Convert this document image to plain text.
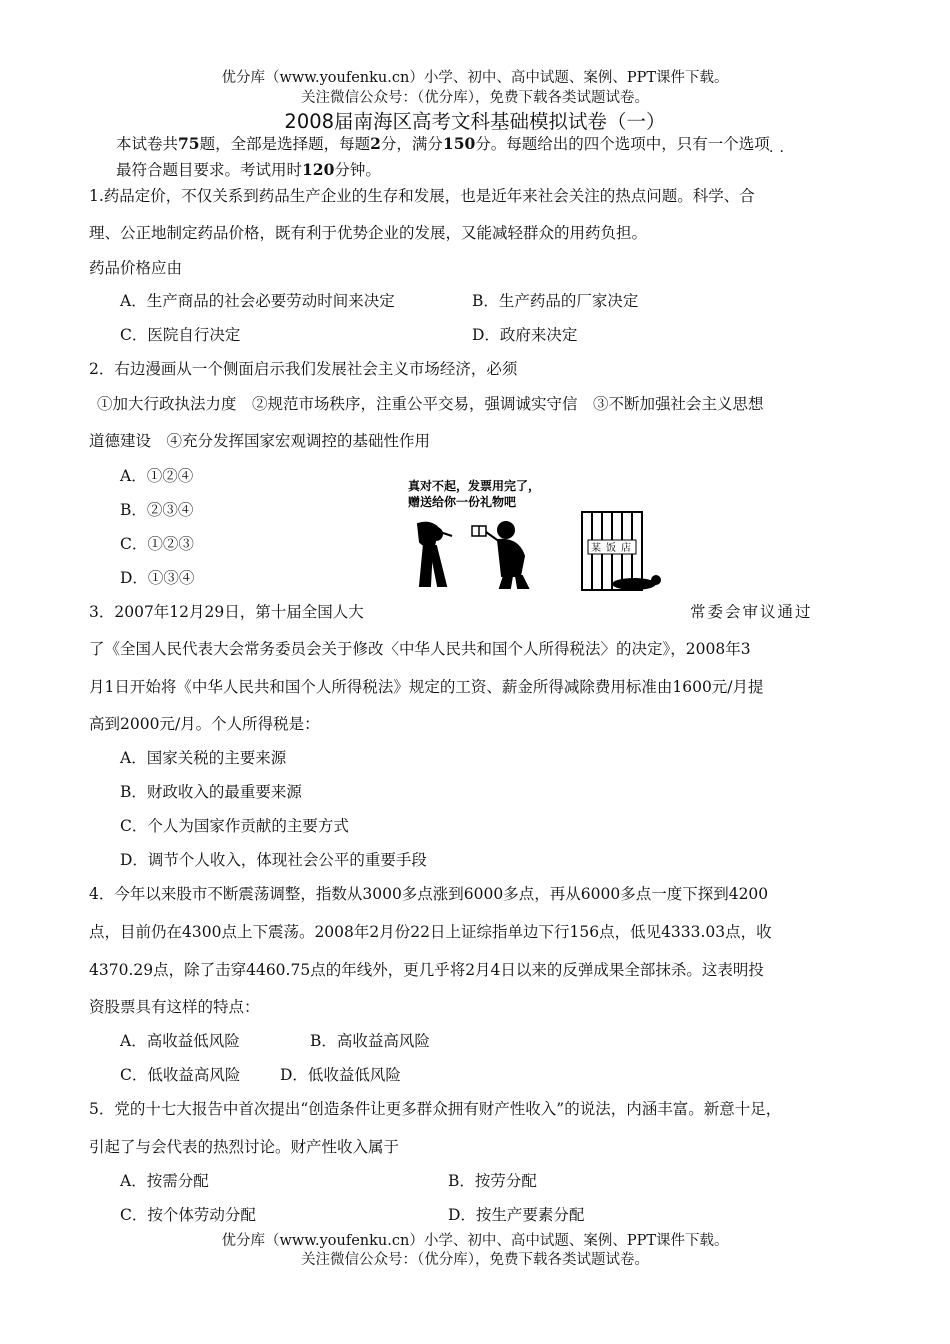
优分库（www.youfenku.cn）小学、初中、高中试题、案例、PPT课件下载。
关注微信公众号：（优分库），免费下载各类试题试卷。
2008届南海区高考文科基础模拟试卷（一）
本试卷共75题，全部是选择题，每题2分，满分150分。每题给出的四个选项中，只有一个选项 ··
最符合题目要求。考试用时120分钟。
1.药品定价，不仅关系到药品生产企业的生存和发展，也是近年来社会关注的热点问题。科学、合
理、公正地制定药品价格，既有利于优势企业的发展，又能减轻群众的用药负担。
药品价格应由
A．生产商品的社会必要劳动时间来决定	B．生产药品的厂家决定
C．医院自行决定	D．政府来决定
2．右边漫画从一个侧面启示我们发展社会主义市场经济，必须
①加大行政执法力度　②规范市场秩序，注重公平交易，强调诚实守信　③不断加强社会主义思想
道德建设　④充分发挥国家宏观调控的基础性作用
A．①②④
B．②③④
C．①②③
D．①③④
真对不起，发票用完了，
赠送给你一份礼物吧
某饭店
3．2007年12月29日，第十届全国人大	常委会审议通过
了《全国人民代表大会常务委员会关于修改〈中华人民共和国个人所得税法〉的决定》，2008年3
月1日开始将《中华人民共和国个人所得税法》规定的工资、薪金所得减除费用标准由1600元/月提
高到2000元/月。个人所得税是：
A．国家关税的主要来源
B．财政收入的最重要来源
C．个人为国家作贡献的主要方式
D．调节个人收入，体现社会公平的重要手段
4．今年以来股市不断震荡调整，指数从3000多点涨到6000多点，再从6000多点一度下探到4200
点，目前仍在4300点上下震荡。2008年2月份22日上证综指单边下行156点，低见4333.03点，收
4370.29点，除了击穿4460.75点的年线外，更几乎将2月4日以来的反弹成果全部抹杀。这表明投
资股票具有这样的特点：
A．高收益低风险	B．高收益高风险
C．低收益高风险	D．低收益低风险
5．党的十七大报告中首次提出“创造条件让更多群众拥有财产性收入”的说法，内涵丰富。新意十足，
引起了与会代表的热烈讨论。财产性收入属于
A．按需分配	B．按劳分配
C．按个体劳动分配	D．按生产要素分配
优分库（www.youfenku.cn）小学、初中、高中试题、案例、PPT课件下载。
关注微信公众号：（优分库），免费下载各类试题试卷。
